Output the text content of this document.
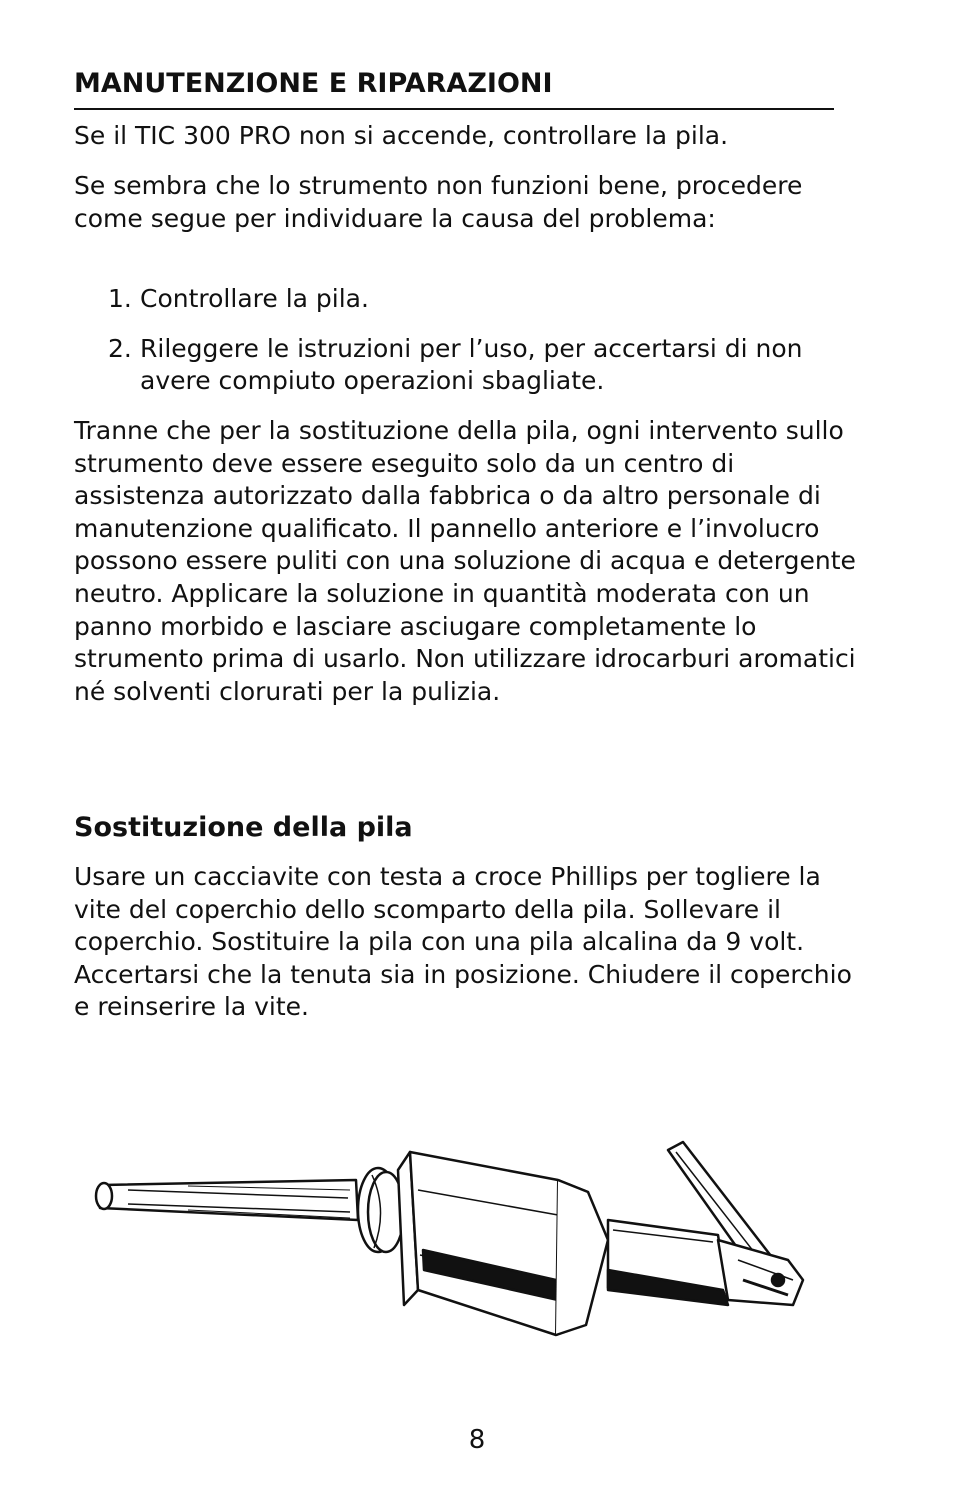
MANUTENZIONE E RIPARAZIONI

Se il TIC 300 PRO non si accende, controllare la pila.

Se sembra che lo strumento non funzioni bene, procedere come segue per individuare la causa del problema:

1. Controllare la pila.
2. Rileggere le istruzioni per l’uso, per accertarsi di non avere compiuto operazioni sbagliate.

Tranne che per la sostituzione della pila, ogni intervento sullo strumento deve essere eseguito solo da un centro di assistenza autorizzato dalla fabbrica o da altro personale di manutenzione qualificato. Il pannello anteriore e l’involucro possono essere puliti con una soluzione di acqua e detergente neutro. Applicare la soluzione in quantità moderata con un panno morbido e lasciare asciugare completamente lo strumento prima di usarlo. Non utilizzare idrocarburi aromatici né solventi clorurati per la pulizia.

Sostituzione della pila

Usare un cacciavite con testa a croce Phillips per togliere la vite del coperchio dello scomparto della pila. Sollevare il coperchio. Sostituire la pila con una pila alcalina da 9 volt. Accertarsi che la tenuta sia in posizione. Chiudere il coperchio e reinserire la vite.

8
